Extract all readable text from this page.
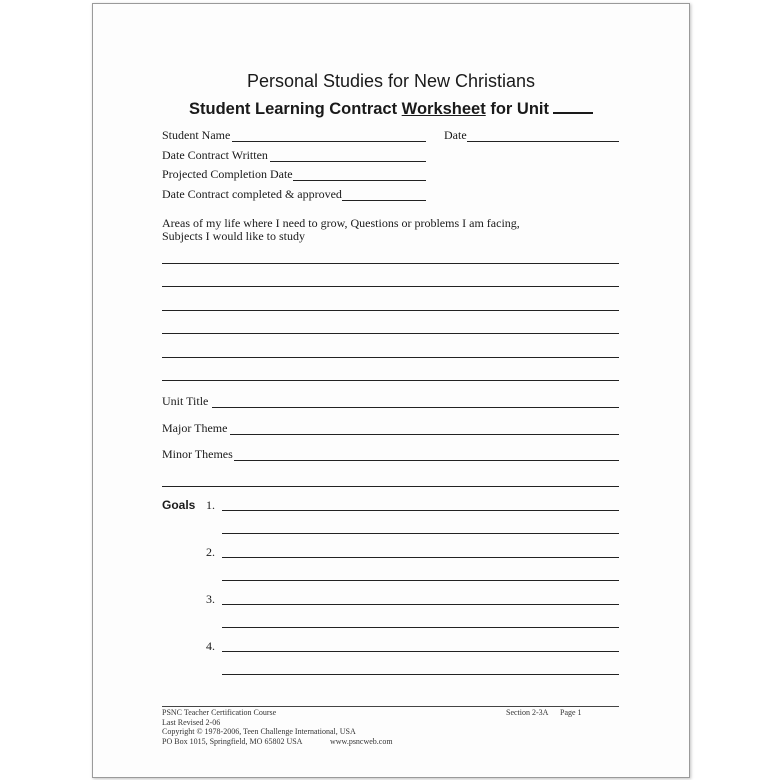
Personal Studies for New Christians
Student Learning Contract Worksheet for Unit
Student Name	Date
Date Contract Written
Projected Completion Date
Date Contract completed & approved
Areas of my life where I need to grow, Questions or problems I am facing,
Subjects I would like to study
Unit Title
Major Theme
Minor Themes
Goals 1.
2.
3.
4.
PSNC Teacher Certification Course
Last Revised 2-06
Copyright © 1978-2006, Teen Challenge International, USA
PO Box 1015, Springfield, MO 65802 USA	www.psncweb.com
Section 2-3A Page 1
